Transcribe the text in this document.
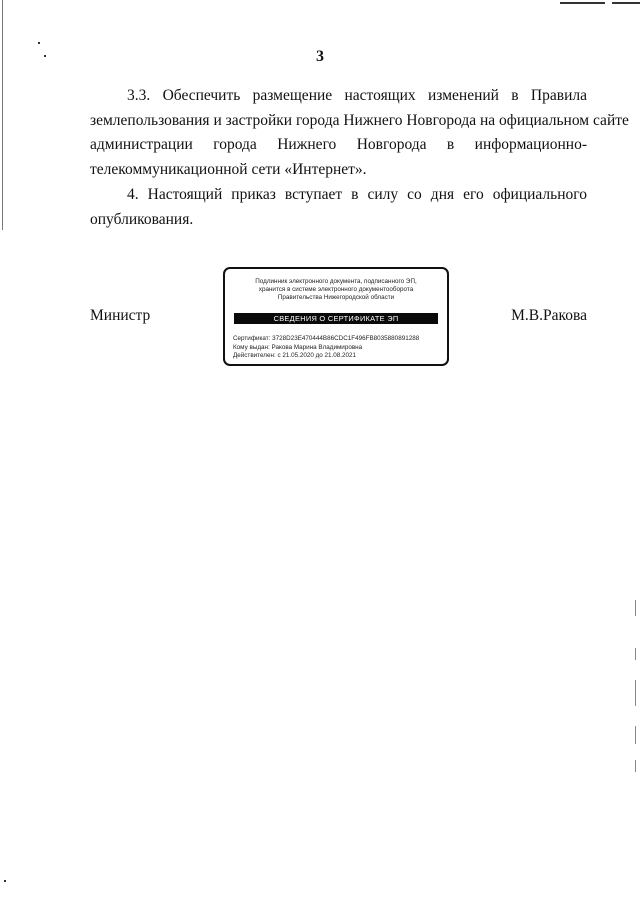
3

3.3. Обеспечить размещение настоящих изменений в Правила
землепользования и застройки города Нижнего Новгорода на официальном сайте
администрации города Нижнего Новгорода в информационно-
телекоммуникационной сети «Интернет».

4. Настоящий приказ вступает в силу со дня его официального
опубликования.

Министр	М.В.Ракова
Подлинник электронного документа, подписанного ЭП,
хранится в системе электронного документооборота
Правительства Нижегородской области
СВЕДЕНИЯ О СЕРТИФИКАТЕ ЭП
Сертификат: 3728D23E470444B86CDC1F496FB8035880891288
Кому выдан: Ракова Марина Владимировна
Действителен: с 21.05.2020 до 21.08.2021
